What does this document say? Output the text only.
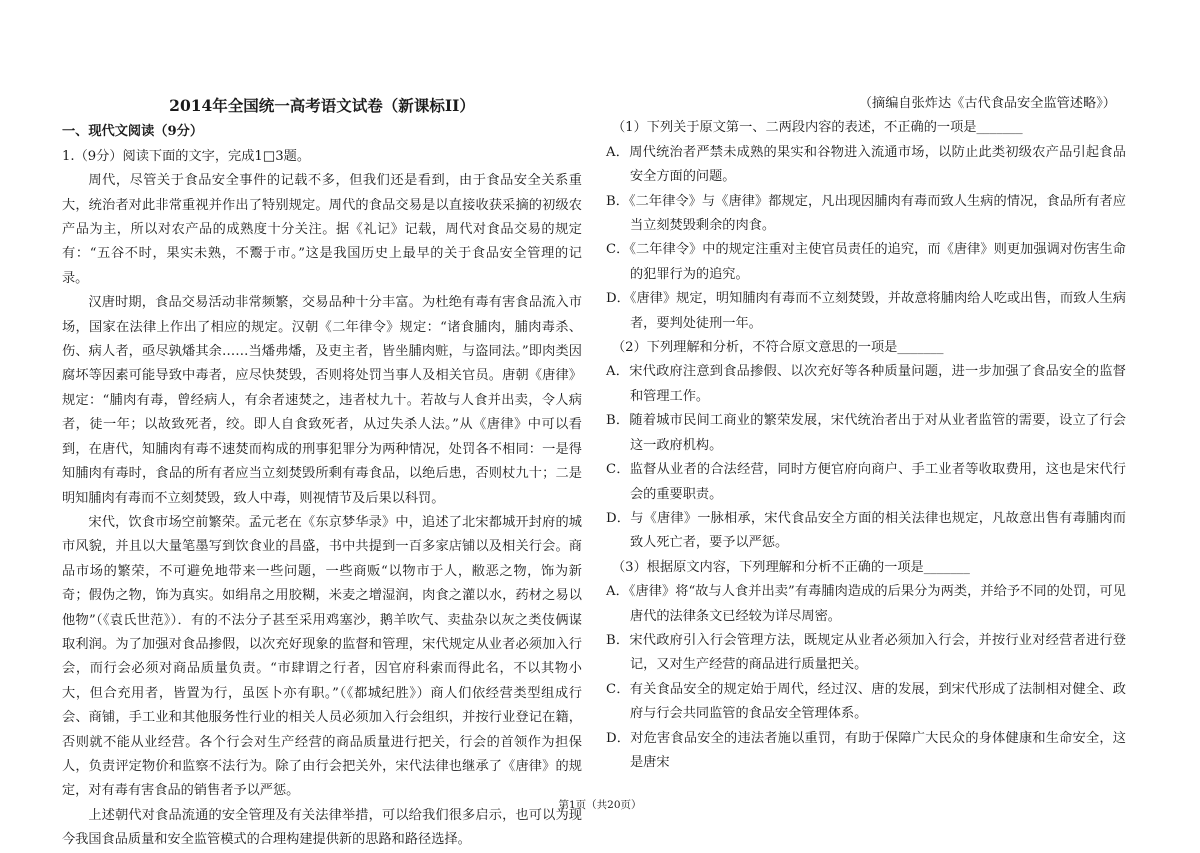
2014年全国统一高考语文试卷（新课标II）
一、现代文阅读（9分）
1.（9分）阅读下面的文字，完成1□3题。
周代，尽管关于食品安全事件的记载不多，但我们还是看到，由于食品安全关系重大，统治者对此非常重视并作出了特别规定。周代的食品交易是以直接收获采摘的初级农产品为主，所以对农产品的成熟度十分关注。据《礼记》记载，周代对食品交易的规定有：“五谷不时，果实未熟，不鬻于市。”这是我国历史上最早的关于食品安全管理的记录。
汉唐时期，食品交易活动非常频繁，交易品种十分丰富。为杜绝有毒有害食品流入市场，国家在法律上作出了相应的规定。汉朝《二年律令》规定：“诸食脯肉，脯肉毒杀、伤、病人者，亟尽孰燔其余……当燔弗燔，及吏主者，皆坐脯肉赃，与盗同法。”即肉类因腐坏等因素可能导致中毒者，应尽快焚毁，否则将处罚当事人及相关官员。唐朝《唐律》规定：“脯肉有毒，曾经病人，有余者速焚之，违者杖九十。若故与人食并出卖，令人病者，徒一年；以故致死者，绞。即人自食致死者，从过失杀人法。”从《唐律》中可以看到，在唐代，知脯肉有毒不速焚而构成的刑事犯罪分为两种情况，处罚各不相同：一是得知脯肉有毒时，食品的所有者应当立刻焚毁所剩有毒食品，以绝后患，否则杖九十；二是明知脯肉有毒而不立刻焚毁，致人中毒，则视情节及后果以科罚。
宋代，饮食市场空前繁荣。孟元老在《东京梦华录》中，追述了北宋都城开封府的城市风貌，并且以大量笔墨写到饮食业的昌盛，书中共提到一百多家店铺以及相关行会。商品市场的繁荣，不可避免地带来一些问题，一些商贩“以物市于人，敝恶之物，饰为新奇；假伪之物，饰为真实。如绢帛之用胶糊，米麦之增湿润，肉食之灌以水，药材之易以他物”（《袁氏世范》）．有的不法分子甚至采用鸡塞沙，鹅羊吹气、卖盐杂以灰之类伎俩谋取利润。为了加强对食品掺假，以次充好现象的监督和管理，宋代规定从业者必须加入行会，而行会必须对商品质量负责。“市肆谓之行者，因官府科索而得此名，不以其物小大，但合充用者，皆置为行，虽医卜亦有职。”（《都城纪胜》）商人们依经营类型组成行会、商铺，手工业和其他服务性行业的相关人员必须加入行会组织，并按行业登记在籍，否则就不能从业经营。各个行会对生产经营的商品质量进行把关，行会的首领作为担保人，负责评定物价和监察不法行为。除了由行会把关外，宋代法律也继承了《唐律》的规定，对有毒有害食品的销售者予以严惩。
上述朝代对食品流通的安全管理及有关法律举措，可以给我们很多启示，也可以为现今我国食品质量和安全监管模式的合理构建提供新的思路和路径选择。
（摘编自张炸达《古代食品安全监管述略》）
（1）下列关于原文第一、二两段内容的表述，不正确的一项是_______
A．周代统治者严禁未成熟的果实和谷物进入流通市场，以防止此类初级农产品引起食品安全方面的问题。
B．《二年律令》与《唐律》都规定，凡出现因脯肉有毒而致人生病的情况，食品所有者应当立刻焚毁剩余的肉食。
C．《二年律令》中的规定注重对主使官员责任的追究，而《唐律》则更加强调对伤害生命的犯罪行为的追究。
D．《唐律》规定，明知脯肉有毒而不立刻焚毁，并故意将脯肉给人吃或出售，而致人生病者，要判处徒刑一年。
（2）下列理解和分析，不符合原文意思的一项是_______
A．宋代政府注意到食品掺假、以次充好等各种质量问题，进一步加强了食品安全的监督和管理工作。
B．随着城市民间工商业的繁荣发展，宋代统治者出于对从业者监管的需要，设立了行会这一政府机构。
C．监督从业者的合法经营，同时方便官府向商户、手工业者等收取费用，这也是宋代行会的重要职责。
D．与《唐律》一脉相承，宋代食品安全方面的相关法律也规定，凡故意出售有毒脯肉而致人死亡者，要予以严惩。
（3）根据原文内容，下列理解和分析不正确的一项是_______
A．《唐律》将“故与人食并出卖”有毒脯肉造成的后果分为两类，并给予不同的处罚，可见唐代的法律条文已经较为详尽周密。
B．宋代政府引入行会管理方法，既规定从业者必须加入行会，并按行业对经营者进行登记，又对生产经营的商品进行质量把关。
C．有关食品安全的规定始于周代，经过汉、唐的发展，到宋代形成了法制相对健全、政府与行会共同监管的食品安全管理体系。
D．对危害食品安全的违法者施以重罚，有助于保障广大民众的身体健康和生命安全，这是唐宋
第1页（共20页）
